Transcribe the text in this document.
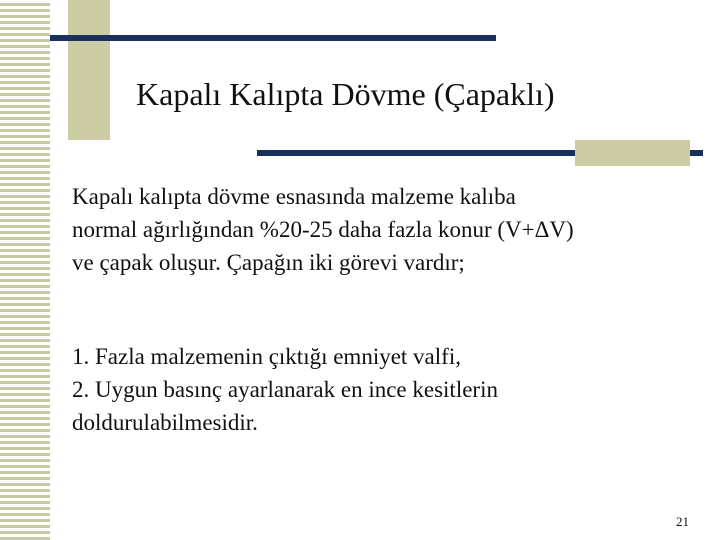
Kapalı Kalıpta Dövme (Çapaklı)
Kapalı kalıpta dövme esnasında malzeme kalıba
normal ağırlığından %20-25 daha fazla konur (V+ΔV)
ve çapak oluşur. Çapağın iki görevi vardır;
1. Fazla malzemenin çıktığı emniyet valfi,
2. Uygun basınç ayarlanarak en ince kesitlerin
doldurulabilmesidir.
21
